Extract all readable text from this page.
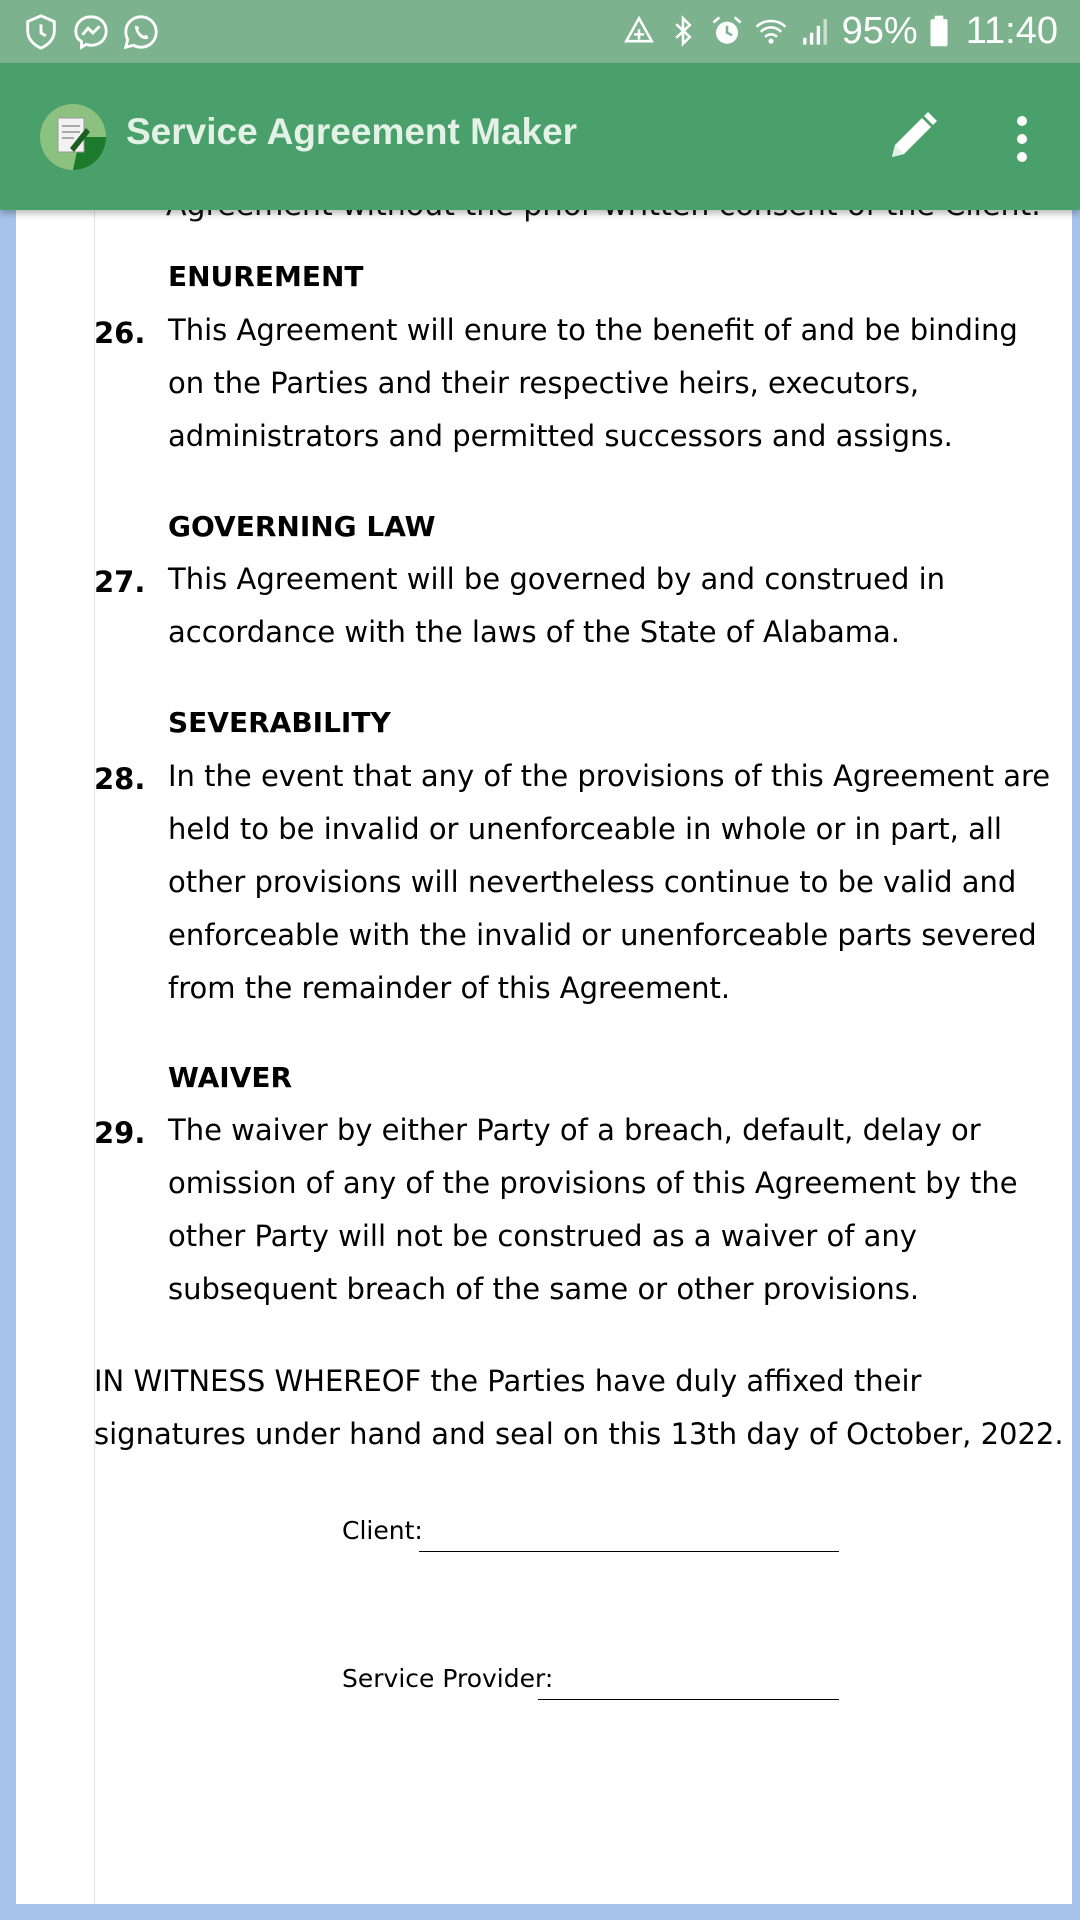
95% 11:40
Service Agreement Maker
ENUREMENT
26. This Agreement will enure to the benefit of and be binding
on the Parties and their respective heirs, executors,
administrators and permitted successors and assigns.
GOVERNING LAW
27. This Agreement will be governed by and construed in
accordance with the laws of the State of Alabama.
SEVERABILITY
28. In the event that any of the provisions of this Agreement are
held to be invalid or unenforceable in whole or in part, all
other provisions will nevertheless continue to be valid and
enforceable with the invalid or unenforceable parts severed
from the remainder of this Agreement.
WAIVER
29. The waiver by either Party of a breach, default, delay or
omission of any of the provisions of this Agreement by the
other Party will not be construed as a waiver of any
subsequent breach of the same or other provisions.
IN WITNESS WHEREOF the Parties have duly affixed their
signatures under hand and seal on this 13th day of October, 2022.
Client:
Service Provider:
